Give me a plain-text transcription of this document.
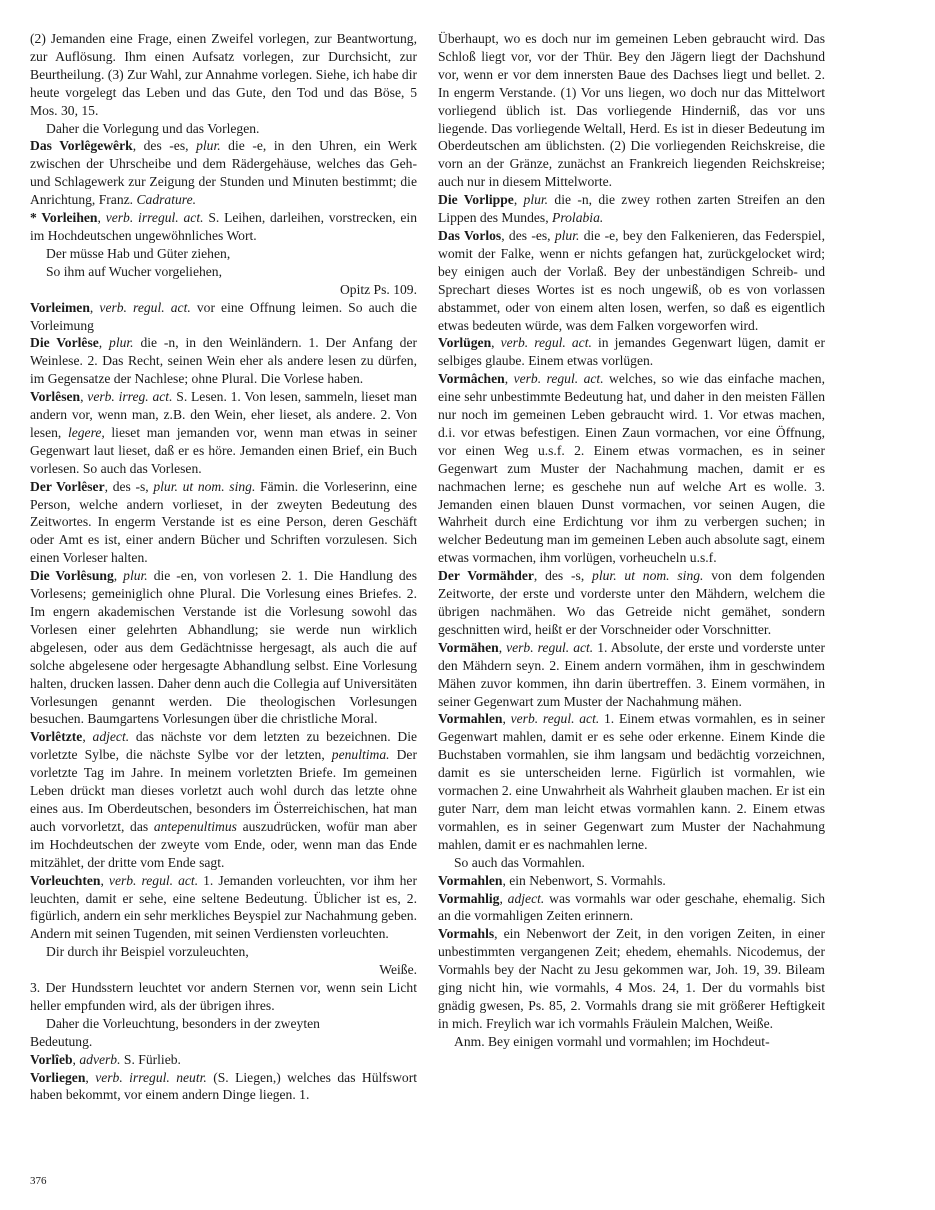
(2) Jemanden eine Frage, einen Zweifel vorlegen, zur Beantwortung, zur Auflösung. Ihm einen Aufsatz vorlegen, zur Durchsicht, zur Beurtheilung. (3) Zur Wahl, zur Annahme vorlegen. Siehe, ich habe dir heute vorgelegt das Leben und das Gute, den Tod und das Böse, 5 Mos. 30, 15.
Daher die Vorlegung und das Vorlegen.
Das Vorlêgewêrk, des -es, plur. die -e, in den Uhren, ein Werk zwischen der Uhrscheibe und dem Rädergehäuse, welches das Geh- und Schlagewerk zur Zeigung der Stunden und Minuten bestimmt; die Anrichtung, Franz. Cadrature.
* Vorleihen, verb. irregul. act. S. Leihen, darleihen, vorstrecken, ein im Hochdeutschen ungewöhnliches Wort.
Der müsse Hab und Güter ziehen,
So ihm auf Wucher vorgeliehen,
Opitz Ps. 109.
Vorleimen, verb. regul. act. vor eine Offnung leimen. So auch die Vorleimung
Die Vorlêse, plur. die -n, in den Weinländern. 1. Der Anfang der Weinlese. 2. Das Recht, seinen Wein eher als andere lesen zu dürfen, im Gegensatze der Nachlese; ohne Plural. Die Vorlese haben.
Vorlêsen, verb. irreg. act. S. Lesen. 1. Von lesen, sammeln, lieset man andern vor, wenn man, z.B. den Wein, eher lieset, als andere. 2. Von lesen, legere, lieset man jemanden vor, wenn man etwas in seiner Gegenwart laut lieset, daß er es höre. Jemanden einen Brief, ein Buch vorlesen. So auch das Vorlesen.
Der Vorlêser, des -s, plur. ut nom. sing. Fämin. die Vorleserinn, eine Person, welche andern vorlieset, in der zweyten Bedeutung des Zeitwortes. In engerm Verstande ist es eine Person, deren Geschäft oder Amt es ist, einer andern Bücher und Schriften vorzulesen. Sich einen Vorleser halten.
Die Vorlêsung, plur. die -en, von vorlesen 2. 1. Die Handlung des Vorlesens; gemeiniglich ohne Plural. Die Vorlesung eines Briefes. 2. Im engern akademischen Verstande ist die Vorlesung sowohl das Vorlesen einer gelehrten Abhandlung; sie werde nun wirklich abgelesen, oder aus dem Gedächtnisse hergesagt, als auch die auf solche abgelesene oder hergesagte Abhandlung selbst. Eine Vorlesung halten, drucken lassen. Daher denn auch die Collegia auf Universitäten Vorlesungen genannt werden. Die theologischen Vorlesungen besuchen. Baumgartens Vorlesungen über die christliche Moral.
Vorlêtzte, adject. das nächste vor dem letzten zu bezeichnen. Die vorletzte Sylbe, die nächste Sylbe vor der letzten, penultima. Der vorletzte Tag im Jahre. In meinem vorletzten Briefe. Im gemeinen Leben drückt man dieses vorletzt auch wohl durch das letzte ohne eines aus. Im Oberdeutschen, besonders im Österreichischen, hat man auch vorvorletzt, das antepenultimus auszudrücken, wofür man aber im Hochdeutschen der zweyte vom Ende, oder, wenn man das Ende mitzählet, der dritte vom Ende sagt.
Vorleuchten, verb. regul. act. 1. Jemanden vorleuchten, vor ihm her leuchten, damit er sehe, eine seltene Bedeutung. Üblicher ist es, 2. figürlich, andern ein sehr merkliches Beyspiel zur Nachahmung geben. Andern mit seinen Tugenden, mit seinen Verdiensten vorleuchten.
Dir durch ihr Beispiel vorzuleuchten,
Weiße.
3. Der Hundsstern leuchtet vor andern Sternen vor, wenn sein Licht heller empfunden wird, als der übrigen ihres.
Daher die Vorleuchtung, besonders in der zweyten
Bedeutung.
Vorlîeb, adverb. S. Fürlieb.
Vorliegen, verb. irregul. neutr. (S. Liegen,) welches das Hülfswort haben bekommt, vor einem andern Dinge liegen. 1.
Überhaupt, wo es doch nur im gemeinen Leben gebraucht wird. Das Schloß liegt vor, vor der Thür. Bey den Jägern liegt der Dachshund vor, wenn er vor dem innersten Baue des Dachses liegt und bellet. 2. In engerm Verstande. (1) Vor uns liegen, wo doch nur das Mittelwort vorliegend üblich ist. Das vorliegende Hinderniß, das vor uns liegende. Das vorliegende Weltall, Herd. Es ist in dieser Bedeutung im Oberdeutschen am üblichsten. (2) Die vorliegenden Reichskreise, die vorn an der Gränze, zunächst an Frankreich liegenden Reichskreise; auch nur in diesem Mittelworte.
Die Vorlippe, plur. die -n, die zwey rothen zarten Streifen an den Lippen des Mundes, Prolabia.
Das Vorlos, des -es, plur. die -e, bey den Falkenieren, das Federspiel, womit der Falke, wenn er nichts gefangen hat, zurückgelocket wird; bey einigen auch der Vorlaß. Bey der unbeständigen Schreib- und Sprechart dieses Wortes ist es noch ungewiß, ob es von vorlassen abstammet, oder von einem alten losen, werfen, so daß es eigentlich etwas bedeuten würde, was dem Falken vorgeworfen wird.
Vorlügen, verb. regul. act. in jemandes Gegenwart lügen, damit er selbiges glaube. Einem etwas vorlügen.
Vormâchen, verb. regul. act. welches, so wie das einfache machen, eine sehr unbestimmte Bedeutung hat, und daher in den meisten Fällen nur noch im gemeinen Leben gebraucht wird. 1. Vor etwas machen, d.i. vor etwas befestigen. Einen Zaun vormachen, vor eine Öffnung, vor einen Weg u.s.f. 2. Einem etwas vormachen, es in seiner Gegenwart zum Muster der Nachahmung machen, damit er es nachmachen lerne; es geschehe nun auf welche Art es wolle. 3. Jemanden einen blauen Dunst vormachen, vor seinen Augen, die Wahrheit durch eine Erdichtung vor ihm zu verbergen suchen; in welcher Bedeutung man im gemeinen Leben auch absolute sagt, einem etwas vormachen, ihm vorlügen, vorheucheln u.s.f.
Der Vormähder, des -s, plur. ut nom. sing. von dem folgenden Zeitworte, der erste und vorderste unter den Mähdern, welchem die übrigen nachmähen. Wo das Getreide nicht gemähet, sondern geschnitten wird, heißt er der Vorschneider oder Vorschnitter.
Vormähen, verb. regul. act. 1. Absolute, der erste und vorderste unter den Mähdern seyn. 2. Einem andern vormähen, ihm in geschwindem Mähen zuvor kommen, ihn darin übertreffen. 3. Einem vormähen, in seiner Gegenwart zum Muster der Nachahmung mähen.
Vormahlen, verb. regul. act. 1. Einem etwas vormahlen, es in seiner Gegenwart mahlen, damit er es sehe oder erkenne. Einem Kinde die Buchstaben vormahlen, sie ihm langsam und bedächtig vorzeichnen, damit es sie unterscheiden lerne. Figürlich ist vormahlen, wie vormachen 2. eine Unwahrheit als Wahrheit glauben machen. Er ist ein guter Narr, dem man leicht etwas vormahlen kann. 2. Einem etwas vormahlen, es in seiner Gegenwart zum Muster der Nachahmung mahlen, damit er es nachmahlen lerne.
So auch das Vormahlen.
Vormahlen, ein Nebenwort, S. Vormahls.
Vormahlig, adject. was vormahls war oder geschahe, ehemalig. Sich an die vormahligen Zeiten erinnern.
Vormahls, ein Nebenwort der Zeit, in den vorigen Zeiten, in einer unbestimmten vergangenen Zeit; ehedem, ehemahls. Nicodemus, der Vormahls bey der Nacht zu Jesu gekommen war, Joh. 19, 39. Bileam ging nicht hin, wie vormahls, 4 Mos. 24, 1. Der du vormahls bist gnädig gwesen, Ps. 85, 2. Vormahls drang sie mit größerer Heftigkeit in mich. Freylich war ich vormahls Fräulein Malchen, Weiße.
Anm. Bey einigen vormahl und vormahlen; im Hochdeut-
376
